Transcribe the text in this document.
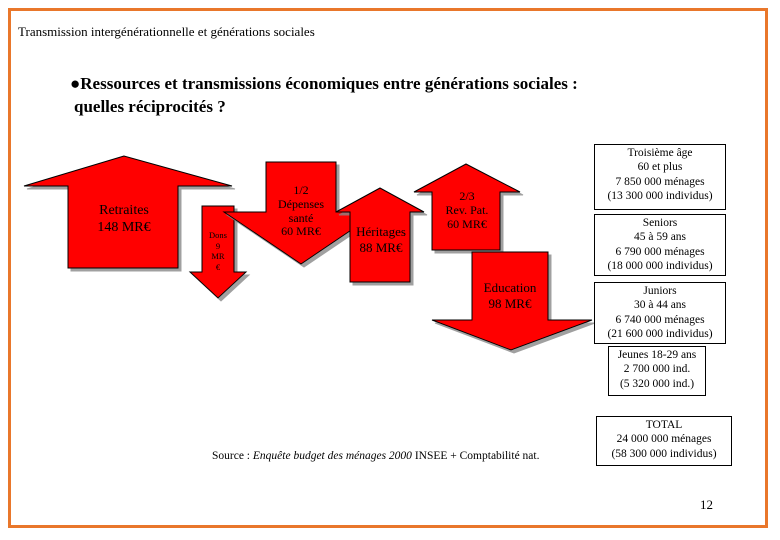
Transmission intergénérationnelle et générations sociales
●Ressources et transmissions économiques entre générations sociales :
quelles réciprocités ?
Retraites
148 MR€
Dons
9
MR
€
1/2
Dépenses
santé
60 MR€	Héritages
88 MR€
2/3
Rev. Pat.
60 MR€
Education
98 MR€
Troisième âge
60 et plus
7 850 000 ménages
(13 300 000 individus)
Seniors
45 à 59 ans
6 790 000 ménages
(18 000 000 individus)
Juniors
30 à 44 ans
6 740 000 ménages
(21 600 000 individus)
Jeunes 18-29 ans
2 700 000 ind.
(5 320 000 ind.)
TOTAL
24 000 000 ménages
(58 300 000 individus)
Source : Enquête budget des ménages 2000 INSEE + Comptabilité nat.
12
